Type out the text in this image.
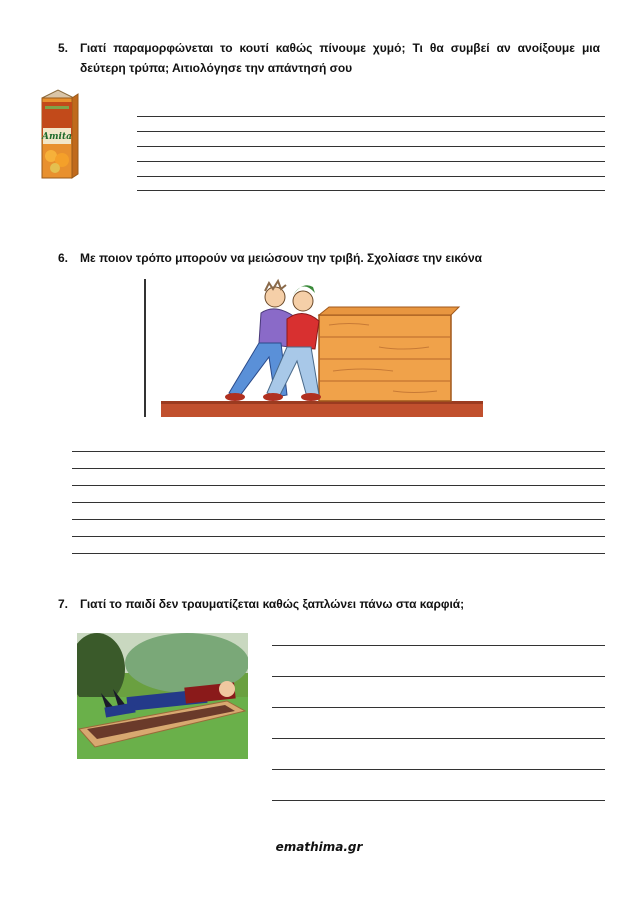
5. Γιατί παραμορφώνεται το κουτί καθώς πίνουμε χυμό; Τι θα συμβεί αν ανοίξουμε μια δεύτερη τρύπα; Αιτιολόγησε την απάντησή σου
Amita
6. Με ποιον τρόπο μπορούν να μειώσουν την τριβή. Σχολίασε την εικόνα
7. Γιατί το παιδί δεν τραυματίζεται καθώς ξαπλώνει πάνω στα καρφιά;
emathima.gr
